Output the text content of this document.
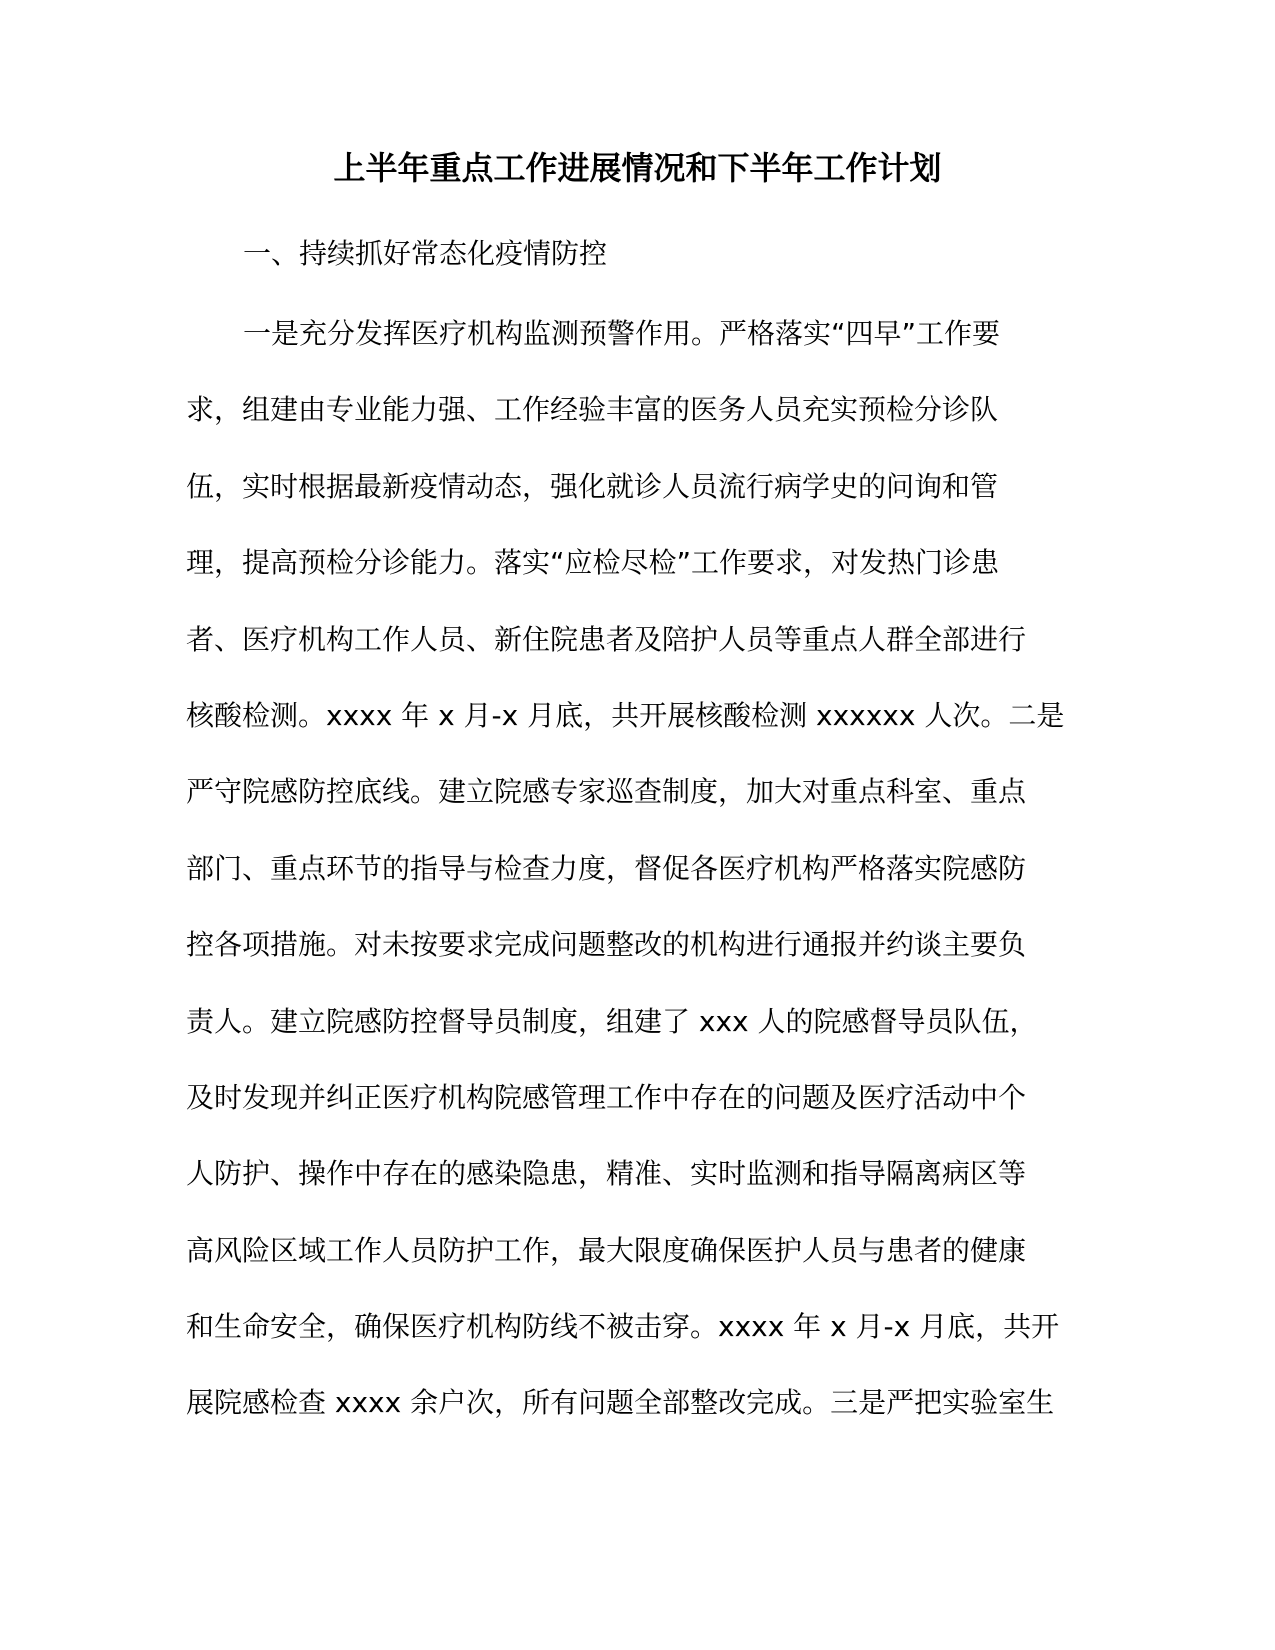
上半年重点工作进展情况和下半年工作计划

一、持续抓好常态化疫情防控

一是充分发挥医疗机构监测预警作用。严格落实“四早”工作要
求，组建由专业能力强、工作经验丰富的医务人员充实预检分诊队
伍，实时根据最新疫情动态，强化就诊人员流行病学史的问询和管
理，提高预检分诊能力。落实“应检尽检”工作要求，对发热门诊患
者、医疗机构工作人员、新住院患者及陪护人员等重点人群全部进行
核酸检测。xxxx 年 x 月-x 月底，共开展核酸检测 xxxxxx 人次。二是
严守院感防控底线。建立院感专家巡查制度，加大对重点科室、重点
部门、重点环节的指导与检查力度，督促各医疗机构严格落实院感防
控各项措施。对未按要求完成问题整改的机构进行通报并约谈主要负
责人。建立院感防控督导员制度，组建了 xxx 人的院感督导员队伍，
及时发现并纠正医疗机构院感管理工作中存在的问题及医疗活动中个
人防护、操作中存在的感染隐患，精准、实时监测和指导隔离病区等
高风险区域工作人员防护工作，最大限度确保医护人员与患者的健康
和生命安全，确保医疗机构防线不被击穿。xxxx 年 x 月-x 月底，共开
展院感检查 xxxx 余户次，所有问题全部整改完成。三是严把实验室生
